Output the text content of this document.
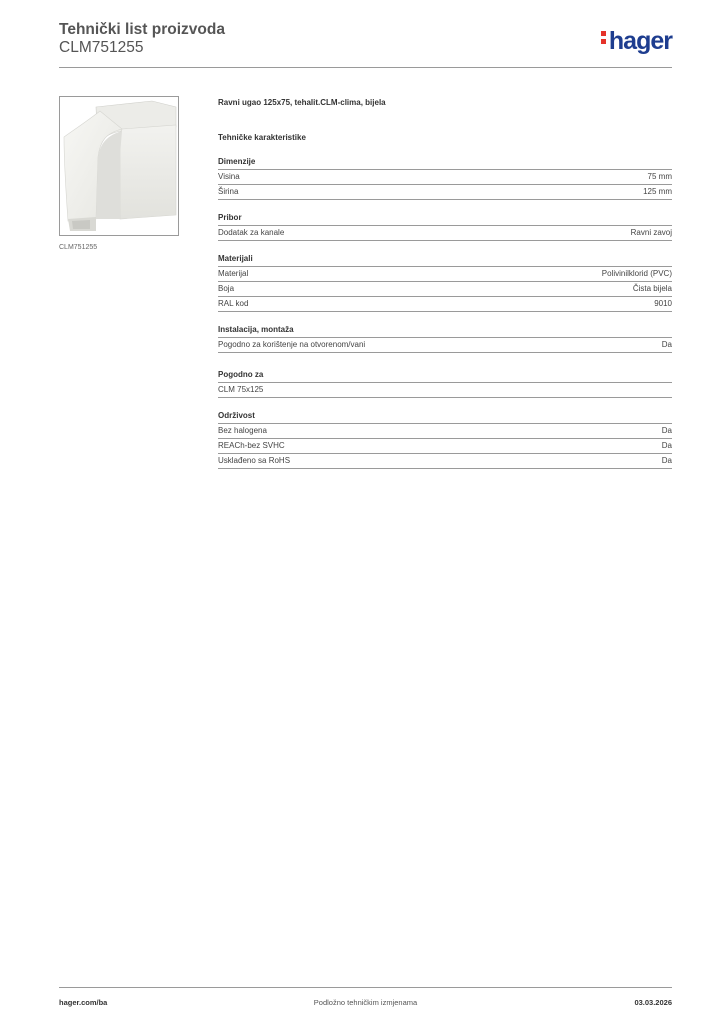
Tehnički list proizvoda
CLM751255	hager
CLM751255
Ravni ugao 125x75, tehalit.CLM-clima, bijela
Tehničke karakteristike
Dimenzije
Visina	75 mm
Širina	125 mm
Pribor
Dodatak za kanale	Ravni zavoj
Materijali
Materijal	Polivinilklorid (PVC)
Boja	Čista bijela
RAL kod	9010
Instalacija, montaža
Pogodno za korištenje na otvorenom/vani	Da
Pogodno za
CLM 75x125
Održivost
Bez halogena	Da
REACh-bez SVHC	Da
Usklađeno sa RoHS	Da
hager.com/ba	Podložno tehničkim izmjenama	03.03.2026
